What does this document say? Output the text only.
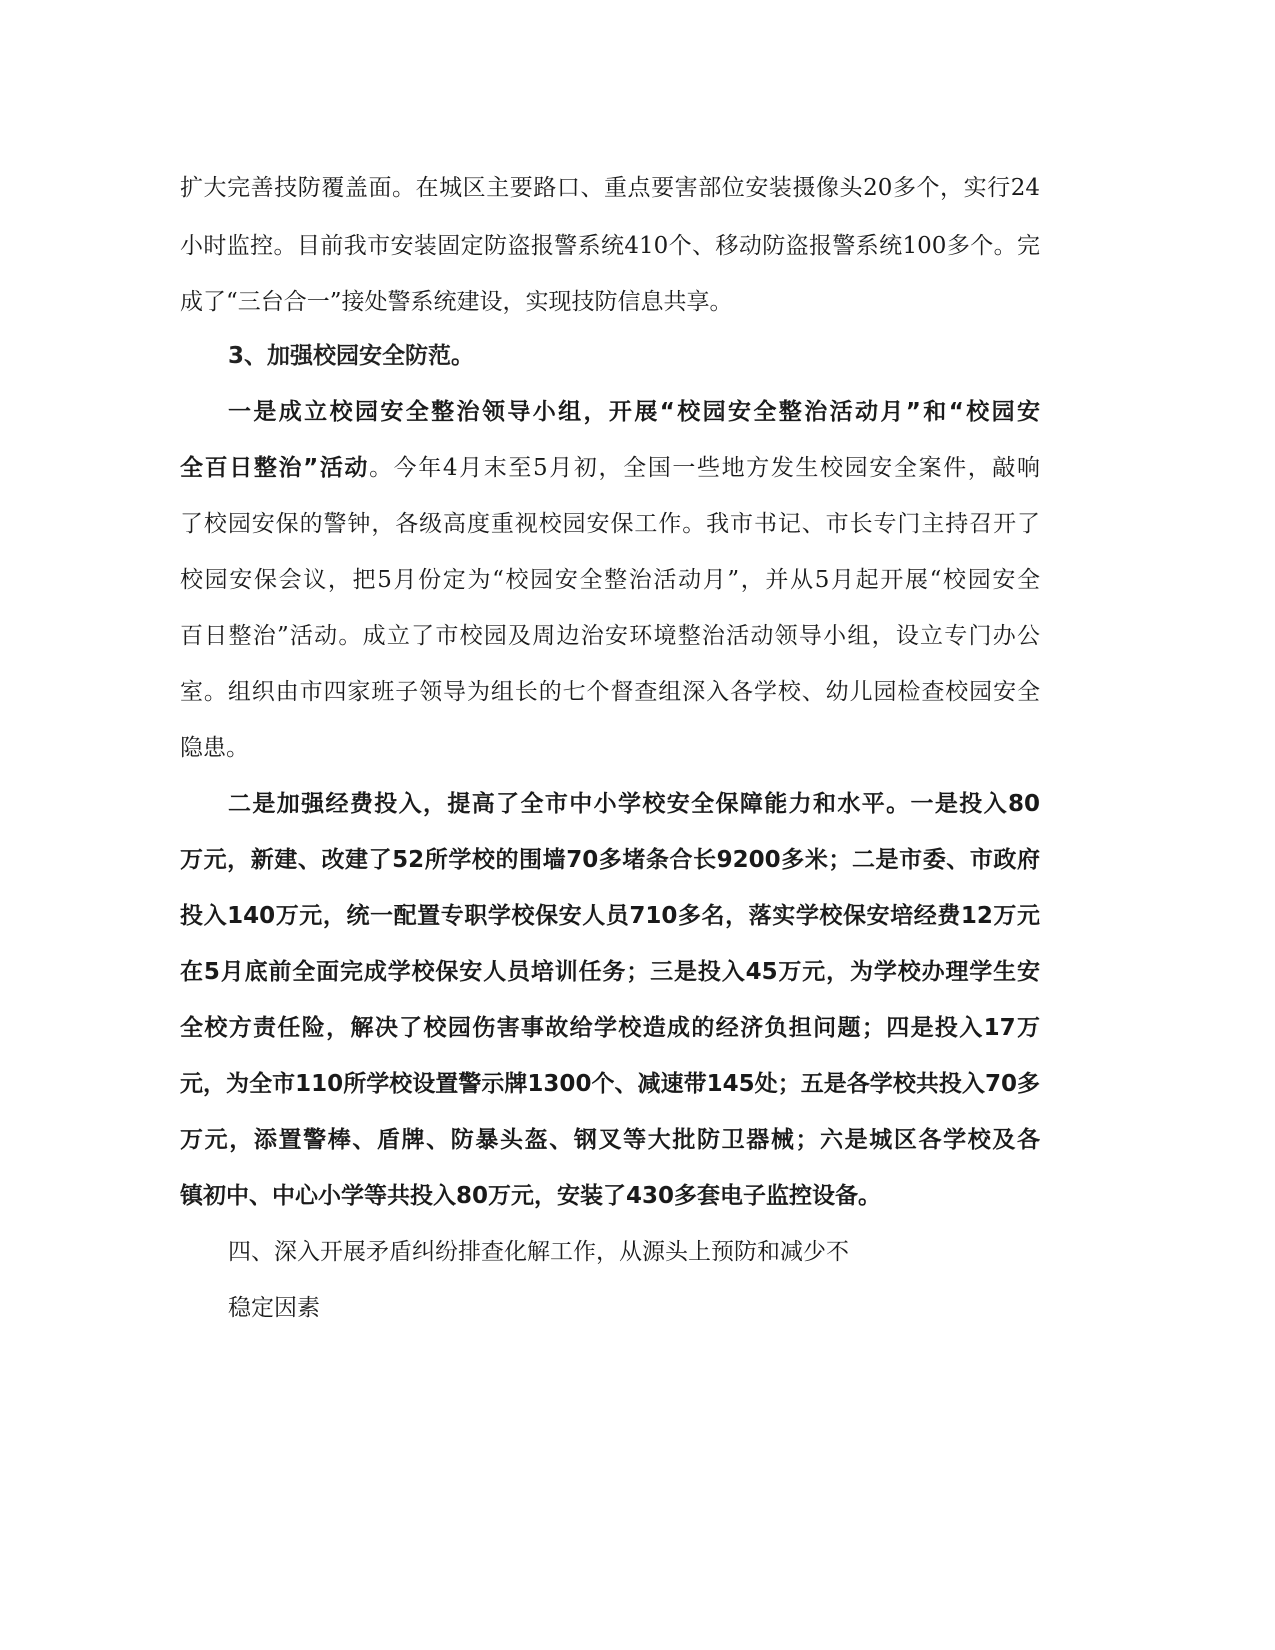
扩大完善技防覆盖面。在城区主要路口、重点要害部位安装摄像头20多个，实行24
小时监控。目前我市安装固定防盗报警系统410个、移动防盗报警系统100多个。完
成了“三台合一”接处警系统建设，实现技防信息共享。
3、加强校园安全防范。
一是成立校园安全整治领导小组，开展“校园安全整治活动月”和“校园安
全百日整治”活动。今年4月末至5月初，全国一些地方发生校园安全案件，敲响
了校园安保的警钟，各级高度重视校园安保工作。我市书记、市长专门主持召开了
校园安保会议，把5月份定为“校园安全整治活动月”，并从5月起开展“校园安全
百日整治”活动。成立了市校园及周边治安环境整治活动领导小组，设立专门办公
室。组织由市四家班子领导为组长的七个督查组深入各学校、幼儿园检查校园安全
隐患。
二是加强经费投入，提高了全市中小学校安全保障能力和水平。一是投入80
万元，新建、改建了52所学校的围墙70多堵条合长9200多米；二是市委、市政府
投入140万元，统一配置专职学校保安人员710多名，落实学校保安培经费12万元
在5月底前全面完成学校保安人员培训任务；三是投入45万元，为学校办理学生安
全校方责任险，解决了校园伤害事故给学校造成的经济负担问题；四是投入17万
元，为全市110所学校设置警示牌1300个、减速带145处；五是各学校共投入70多
万元，添置警棒、盾牌、防暴头盔、钢叉等大批防卫器械；六是城区各学校及各
镇初中、中心小学等共投入80万元，安装了430多套电子监控设备。
四、深入开展矛盾纠纷排查化解工作，从源头上预防和减少不
稳定因素
